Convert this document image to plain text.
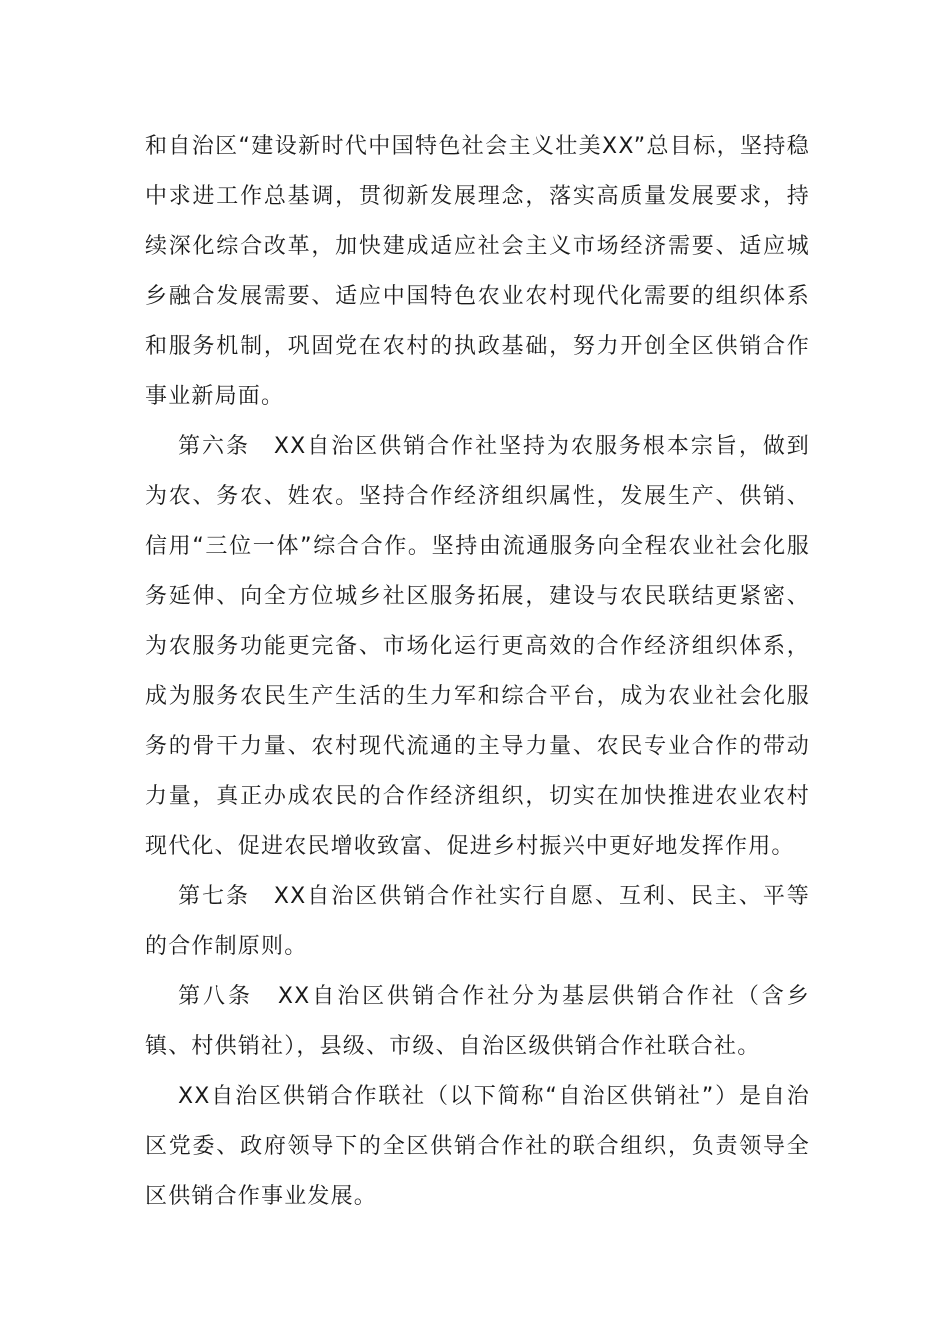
和自治区“建设新时代中国特色社会主义壮美XX”总目标，坚持稳中求进工作总基调，贯彻新发展理念，落实高质量发展要求，持续深化综合改革，加快建成适应社会主义市场经济需要、适应城乡融合发展需要、适应中国特色农业农村现代化需要的组织体系和服务机制，巩固党在农村的执政基础，努力开创全区供销合作事业新局面。

第六条　XX自治区供销合作社坚持为农服务根本宗旨，做到为农、务农、姓农。坚持合作经济组织属性，发展生产、供销、信用“三位一体”综合合作。坚持由流通服务向全程农业社会化服务延伸、向全方位城乡社区服务拓展，建设与农民联结更紧密、为农服务功能更完备、市场化运行更高效的合作经济组织体系，成为服务农民生产生活的生力军和综合平台，成为农业社会化服务的骨干力量、农村现代流通的主导力量、农民专业合作的带动力量，真正办成农民的合作经济组织，切实在加快推进农业农村现代化、促进农民增收致富、促进乡村振兴中更好地发挥作用。

第七条　XX自治区供销合作社实行自愿、互利、民主、平等的合作制原则。

第八条　XX自治区供销合作社分为基层供销合作社（含乡镇、村供销社），县级、市级、自治区级供销合作社联合社。

XX自治区供销合作联社（以下简称“自治区供销社”）是自治区党委、政府领导下的全区供销合作社的联合组织，负责领导全区供销合作事业发展。
